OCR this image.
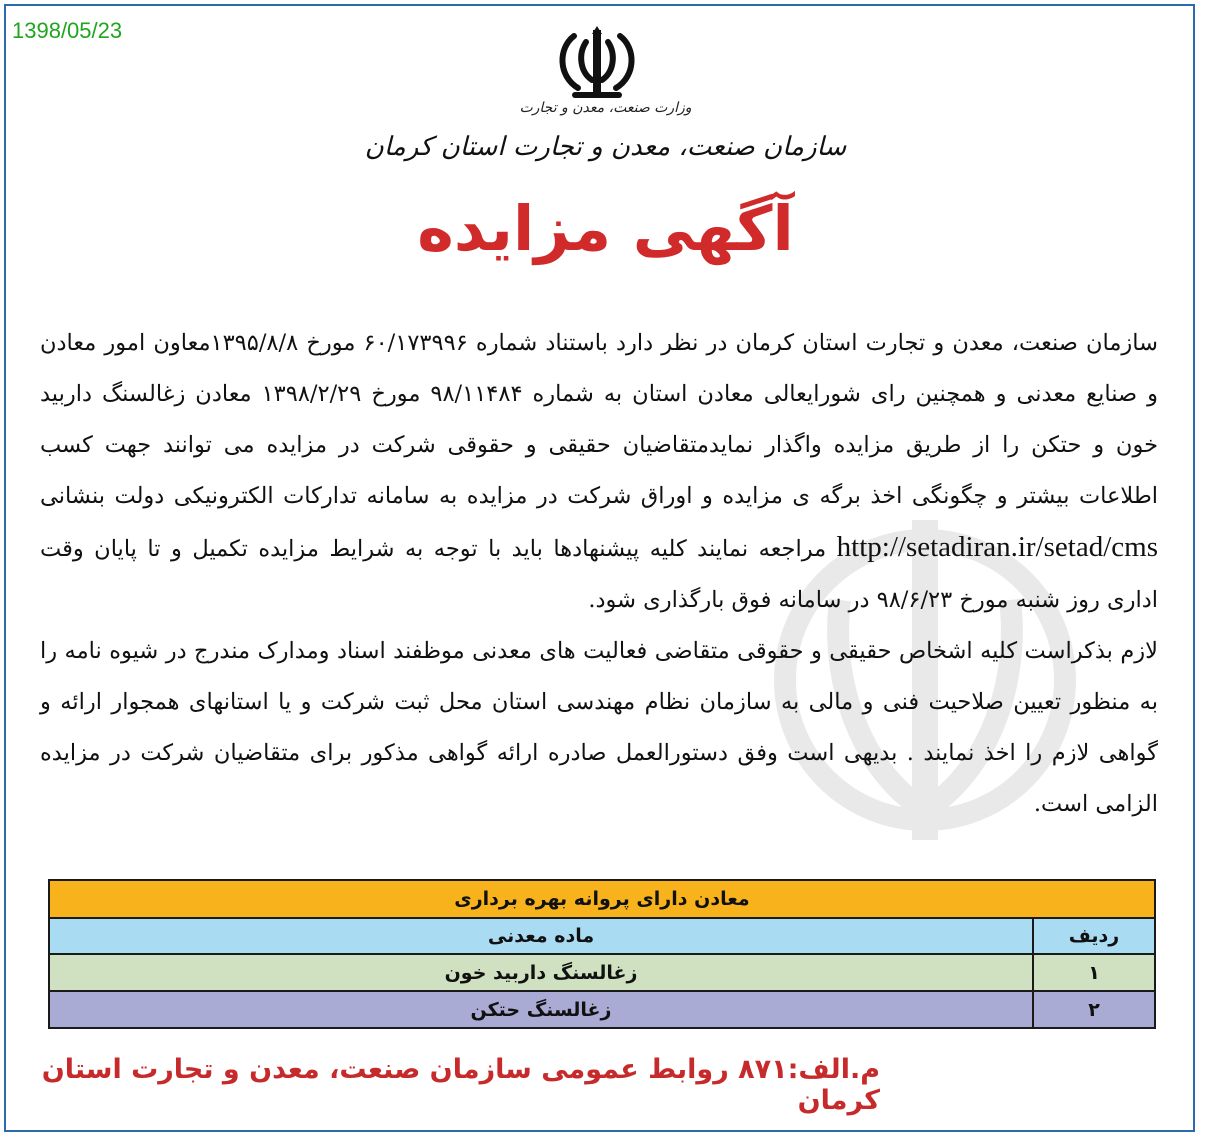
1398/05/23
وزارت صنعت، معدن و تجارت
سازمان صنعت، معدن و تجارت استان کرمان
آگهی مزایده

سازمان صنعت، معدن و تجارت استان کرمان در نظر دارد باستناد شماره ۶۰/۱۷۳۹۹۶ مورخ ۱۳۹۵/۸/۸معاون امور معادن و صنایع معدنی و همچنین رای شورایعالی معادن استان به شماره ۹۸/۱۱۴۸۴ مورخ ۱۳۹۸/۲/۲۹ معادن زغالسنگ داربید خون و حتکن را از طریق مزایده واگذار نمایدمتقاضیان حقیقی و حقوقی شرکت در مزایده می توانند جهت کسب اطلاعات بیشتر و چگونگی اخذ برگه ی مزایده و اوراق شرکت در مزایده به سامانه تدارکات الکترونیکی دولت بنشانی http://setadiran.ir/setad/cms مراجعه نمایند کلیه پیشنهادها باید با توجه به شرایط مزایده تکمیل و تا پایان وقت اداری روز شنبه مورخ ۹۸/۶/۲۳ در سامانه فوق بارگذاری شود.

لازم بذکراست کلیه اشخاص حقیقی و حقوقی متقاضی فعالیت های معدنی موظفند اسناد ومدارک مندرج در شیوه نامه را به منظور تعیین صلاحیت فنی و مالی به سازمان نظام مهندسی استان محل ثبت شرکت و یا استانهای همجوار ارائه و گواهی لازم را اخذ نمایند . بدیهی است وفق دستورالعمل صادره ارائه گواهی مذکور برای متقاضیان شرکت در مزایده الزامی است.

معادن دارای پروانه بهره برداری	
ردیف	ماده معدنی
۱	زغالسنگ داربید خون
۲	زغالسنگ حتکن
م.الف:۸۷۱ روابط عمومی سازمان صنعت، معدن و تجارت استان کرمان
